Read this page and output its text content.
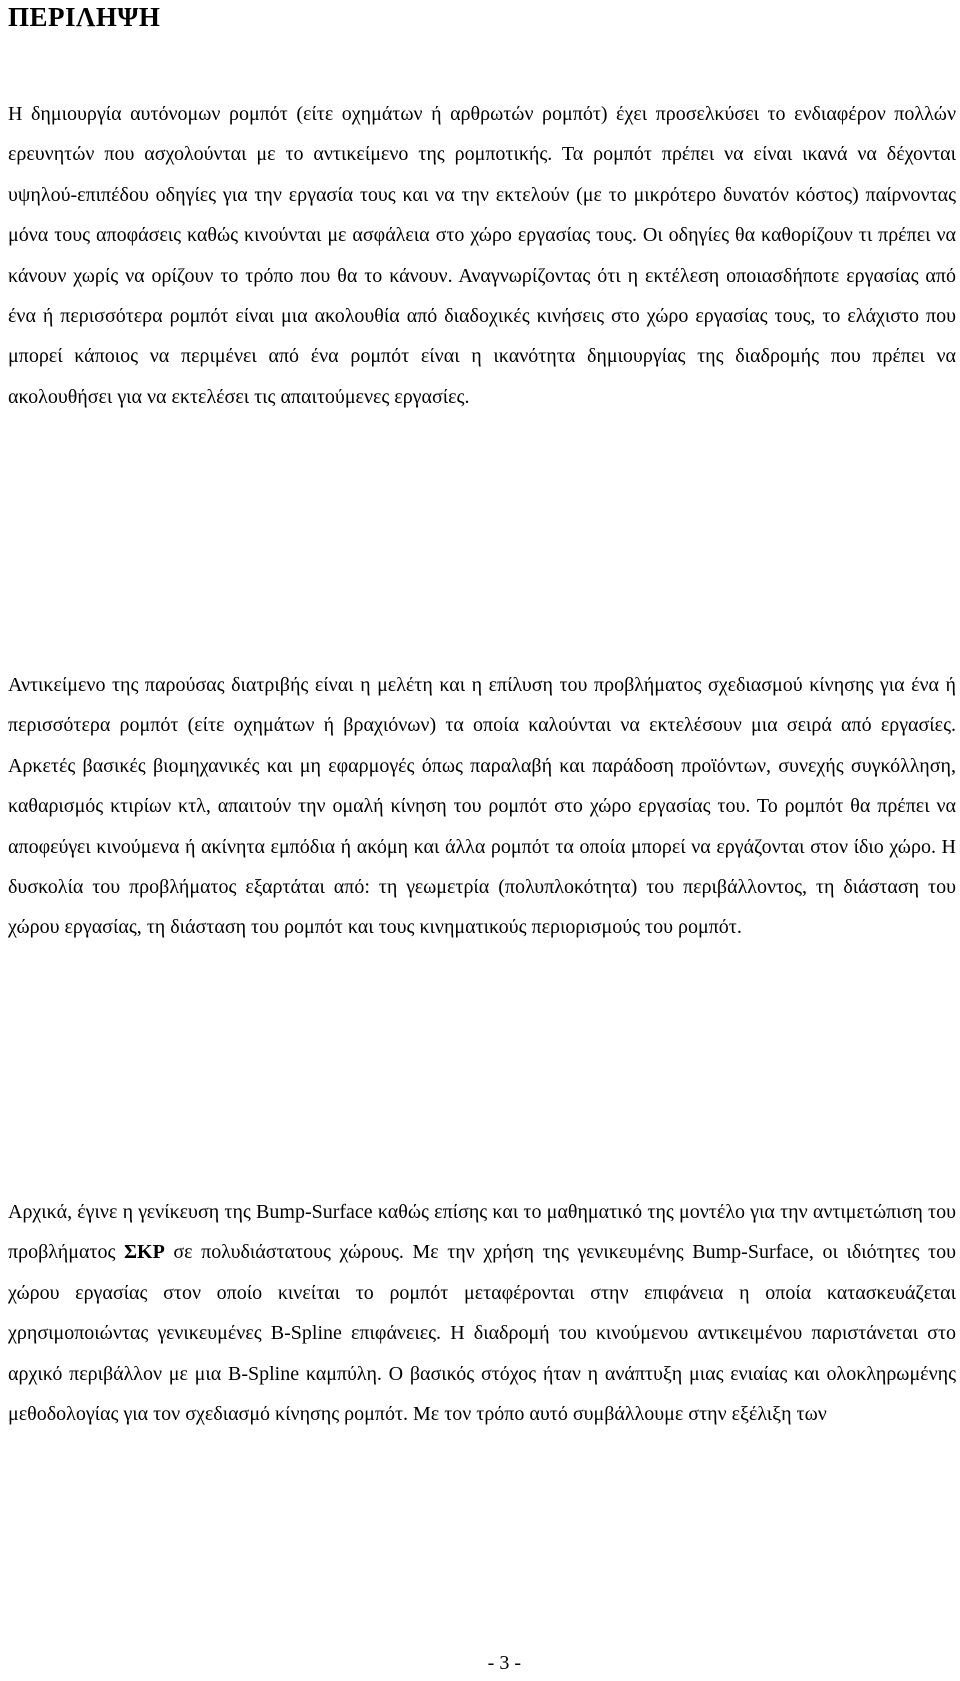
ΠΕΡΙΛΗΨΗ

Η δημιουργία αυτόνομων ρομπότ (είτε οχημάτων ή αρθρωτών ρομπότ) έχει προσελκύσει το ενδιαφέρον πολλών ερευνητών που ασχολούνται με το αντικείμενο της ρομποτικής. Τα ρομπότ πρέπει να είναι ικανά να δέχονται υψηλού-επιπέδου οδηγίες για την εργασία τους και να την εκτελούν (με το μικρότερο δυνατόν κόστος) παίρνοντας μόνα τους αποφάσεις καθώς κινούνται με ασφάλεια στο χώρο εργασίας τους. Οι οδηγίες θα καθορίζουν τι πρέπει να κάνουν χωρίς να ορίζουν το τρόπο που θα το κάνουν. Αναγνωρίζοντας ότι η εκτέλεση οποιασδήποτε εργασίας από ένα ή περισσότερα ρομπότ είναι μια ακολουθία από διαδοχικές κινήσεις στο χώρο εργασίας τους, το ελάχιστο που μπορεί κάποιος να περιμένει από ένα ρομπότ είναι η ικανότητα δημιουργίας της διαδρομής που πρέπει να ακολουθήσει για να εκτελέσει τις απαιτούμενες εργασίες.

Αντικείμενο της παρούσας διατριβής είναι η μελέτη και η επίλυση του προβλήματος σχεδιασμού κίνησης για ένα ή περισσότερα ρομπότ (είτε οχημάτων ή βραχιόνων) τα οποία καλούνται να εκτελέσουν μια σειρά από εργασίες. Αρκετές βασικές βιομηχανικές και μη εφαρμογές όπως παραλαβή και παράδοση προϊόντων, συνεχής συγκόλληση, καθαρισμός κτιρίων κτλ, απαιτούν την ομαλή κίνηση του ρομπότ στο χώρο εργασίας του. Το ρομπότ θα πρέπει να αποφεύγει κινούμενα ή ακίνητα εμπόδια ή ακόμη και άλλα ρομπότ τα οποία μπορεί να εργάζονται στον ίδιο χώρο. Η δυσκολία του προβλήματος εξαρτάται από: τη γεωμετρία (πολυπλοκότητα) του περιβάλλοντος, τη διάσταση του χώρου εργασίας, τη διάσταση του ρομπότ και τους κινηματικούς περιορισμούς του ρομπότ.

Αρχικά, έγινε η γενίκευση της Bump-Surface καθώς επίσης και το μαθηματικό της μοντέλο για την αντιμετώπιση του προβλήματος ΣΚΡ σε πολυδιάστατους χώρους. Με την χρήση της γενικευμένης Bump-Surface, οι ιδιότητες του χώρου εργασίας στον οποίο κινείται το ρομπότ μεταφέρονται στην επιφάνεια η οποία κατασκευάζεται χρησιμοποιώντας γενικευμένες B-Spline επιφάνειες. Η διαδρομή του κινούμενου αντικειμένου παριστάνεται στο αρχικό περιβάλλον με μια B-Spline καμπύλη. Ο βασικός στόχος ήταν η ανάπτυξη μιας ενιαίας και ολοκληρωμένης μεθοδολογίας για τον σχεδιασμό κίνησης ρομπότ. Με τον τρόπο αυτό συμβάλλουμε στην εξέλιξη των

- 3 -
